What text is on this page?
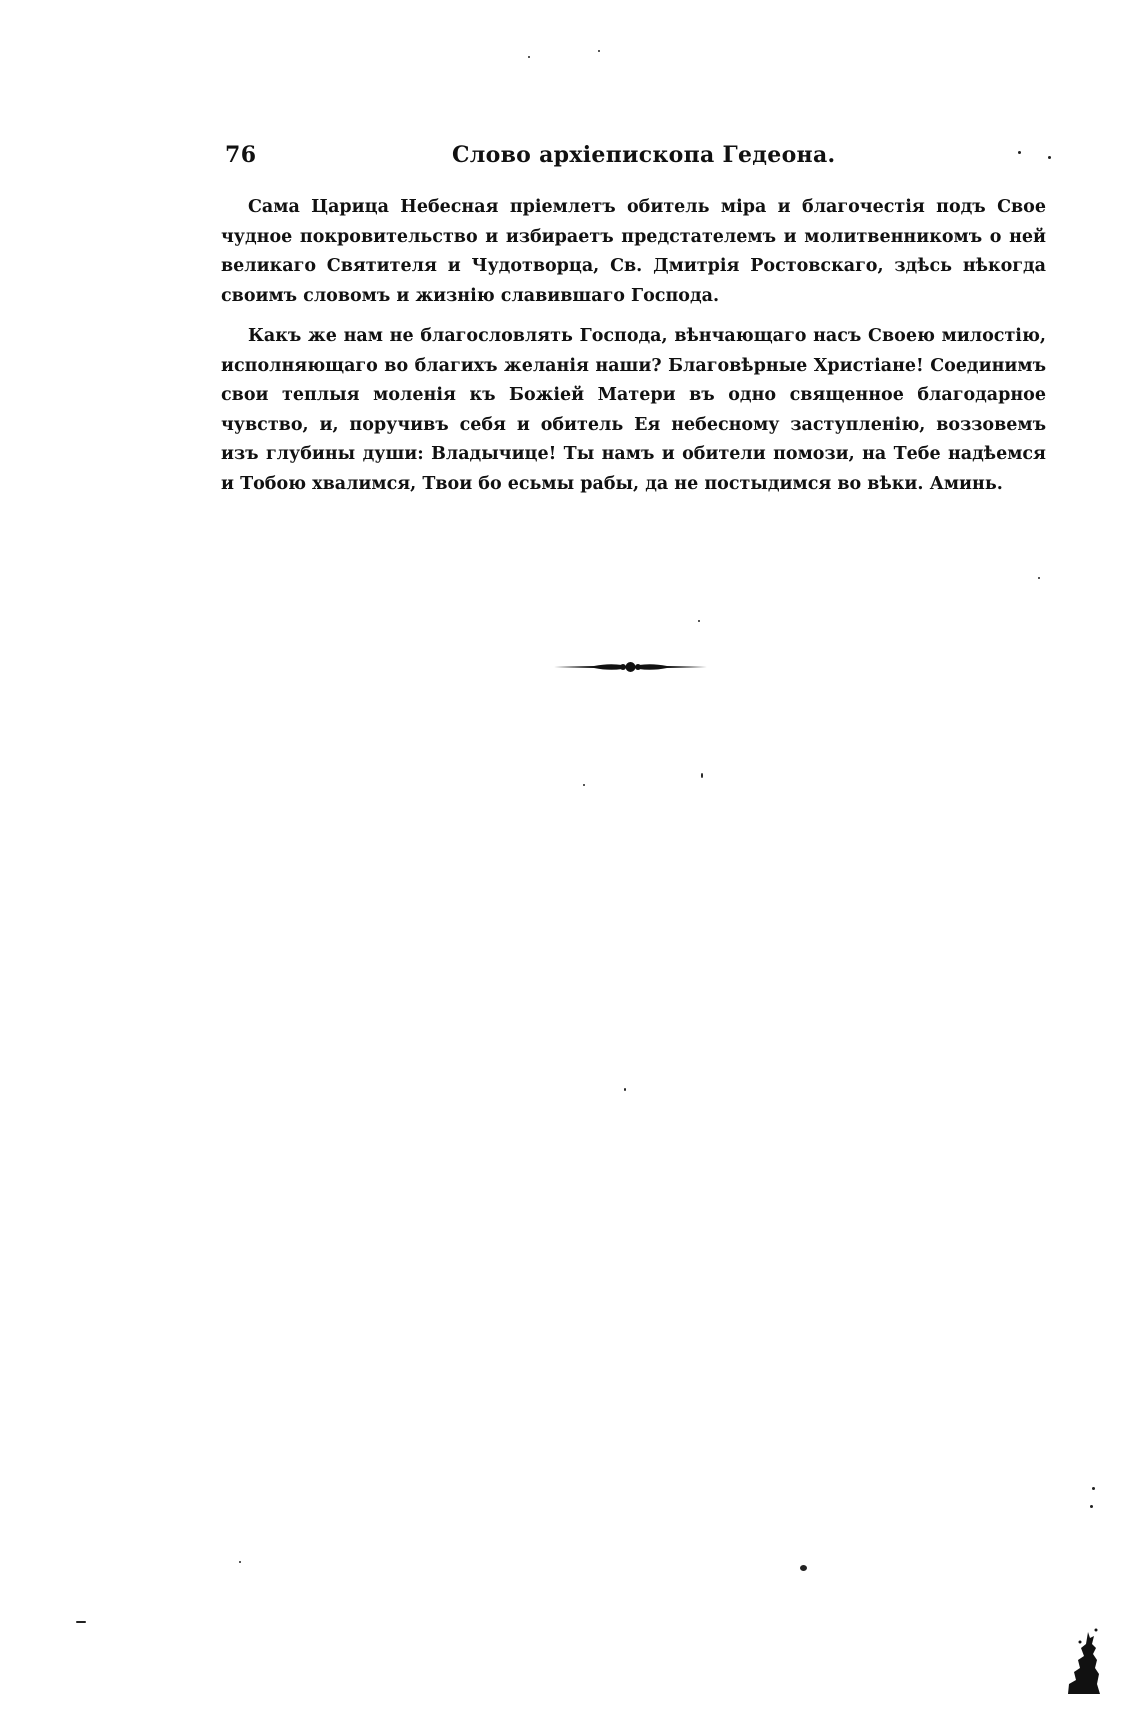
76	Слово архіепископа Гедеона.

Сама Царица Небесная пріемлетъ обитель міра и благочестія подъ Свое чудное покровительство и избираетъ предстателемъ и молитвенникомъ о ней великаго Святителя и Чудотворца, Св. Дмитрія Ростовскаго, здѣсь нѣкогда своимъ словомъ и жизнію славившаго Господа.

Какъ же нам не благословлять Господа, вѣнчающаго насъ Своею милостію, исполняющаго во благихъ желанія наши? Благовѣрные Христiане! Соединимъ свои теплыя моленія къ Божіей Матери въ одно священное благодарное чувство, и, поручивъ себя и обитель Ея небесному заступленію, воззовемъ изъ глубины души: Владычице! Ты намъ и обители помози, на Тебе надѣемся и Тобою хвалимся, Твои бо есьмы рабы, да не постыдимся во вѣки. Аминь.
